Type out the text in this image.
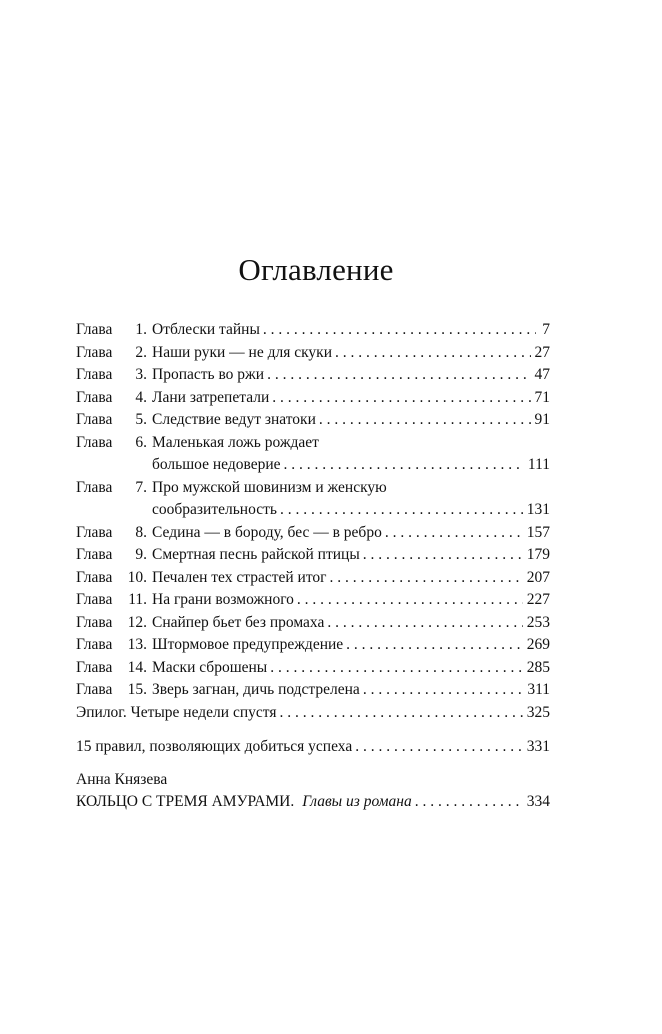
Оглавление
Глава	1. Отблески тайны . . .	7
Глава	2. Наши руки — не для скуки . . .	27
Глава	3. Пропасть во ржи . . .	47
Глава	4. Лани затрепетали . . .	71
Глава	5. Следствие ведут знатоки . . .	91
Глава	6. Маленькая ложь рождает
большое недоверие . . .	111
Глава	7. Про мужской шовинизм и женскую
сообразительность . . .	131
Глава	8. Седина — в бороду, бес — в ребро . . .	157
Глава	9. Смертная песнь райской птицы . . .	179
Глава 10. Печален тех страстей итог . . .	207
Глава	11. На грани возможного . . .	227
Глава 12. Снайпер бьет без промаха . . .	253
Глава 13. Штормовое предупреждение . . .	269
Глава 14. Маски сброшены . . .	285
Глава 15. Зверь загнан, дичь подстрелена . . .	311
Эпилог. Четыре недели спустя . . .	325
15 правил, позволяющих добиться успеха . . .	331
Анна Князева
КОЛЬЦО С ТРЕМЯ АМУРАМИ. Главы из романа . . .	334
